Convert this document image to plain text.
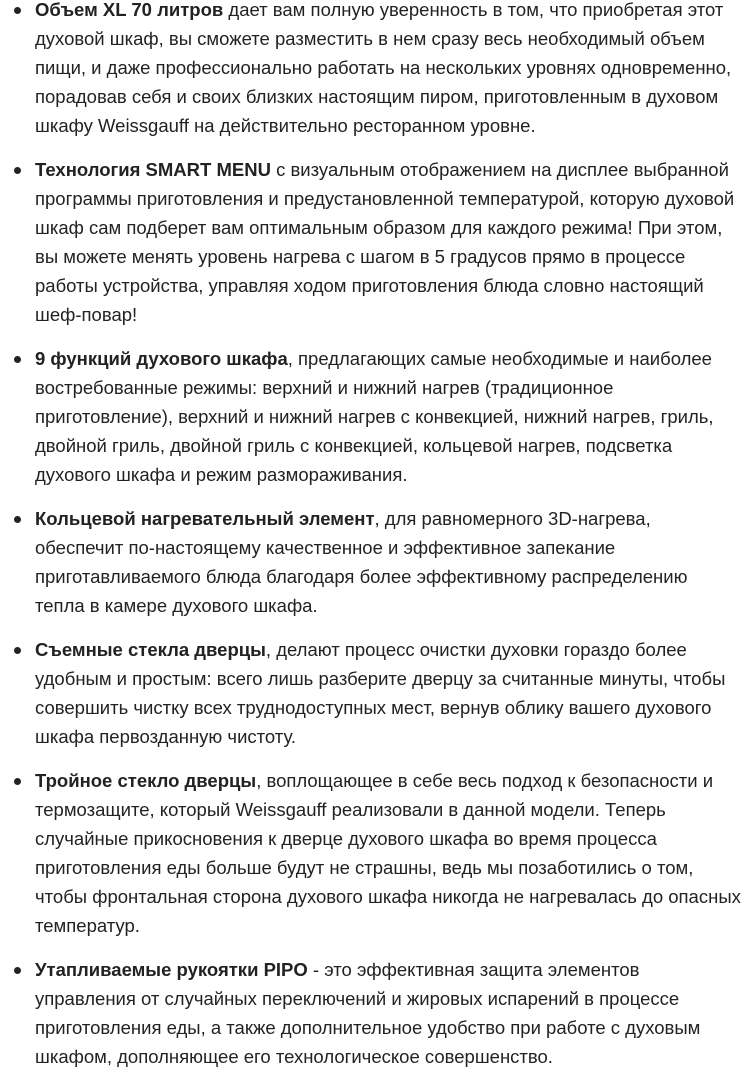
Объем XL 70 литров дает вам полную уверенность в том, что приобретая этот духовой шкаф, вы сможете разместить в нем сразу весь необходимый объем пищи, и даже профессионально работать на нескольких уровнях одновременно, порадовав себя и своих близких настоящим пиром, приготовленным в духовом шкафу Weissgauff на действительно ресторанном уровне.
Технология SMART MENU с визуальным отображением на дисплее выбранной программы приготовления и предустановленной температурой, которую духовой шкаф сам подберет вам оптимальным образом для каждого режима! При этом, вы можете менять уровень нагрева с шагом в 5 градусов прямо в процессе работы устройства, управляя ходом приготовления блюда словно настоящий шеф-повар!
9 функций духового шкафа, предлагающих самые необходимые и наиболее востребованные режимы: верхний и нижний нагрев (традиционное приготовление), верхний и нижний нагрев с конвекцией, нижний нагрев, гриль, двойной гриль, двойной гриль с конвекцией, кольцевой нагрев, подсветка духового шкафа и режим размораживания.
Кольцевой нагревательный элемент, для равномерного 3D-нагрева, обеспечит по-настоящему качественное и эффективное запекание приготавливаемого блюда благодаря более эффективному распределению тепла в камере духового шкафа.
Съемные стекла дверцы, делают процесс очистки духовки гораздо более удобным и простым: всего лишь разберите дверцу за считанные минуты, чтобы совершить чистку всех труднодоступных мест, вернув облику вашего духового шкафа первозданную чистоту.
Тройное стекло дверцы, воплощающее в себе весь подход к безопасности и термозащите, который Weissgauff реализовали в данной модели. Теперь случайные прикосновения к дверце духового шкафа во время процесса приготовления еды больше будут не страшны, ведь мы позаботились о том, чтобы фронтальная сторона духового шкафа никогда не нагревалась до опасных температур.
Утапливаемые рукоятки PIPO - это эффективная защита элементов управления от случайных переключений и жировых испарений в процессе приготовления еды, а также дополнительное удобство при работе с духовым шкафом, дополняющее его технологическое совершенство.
